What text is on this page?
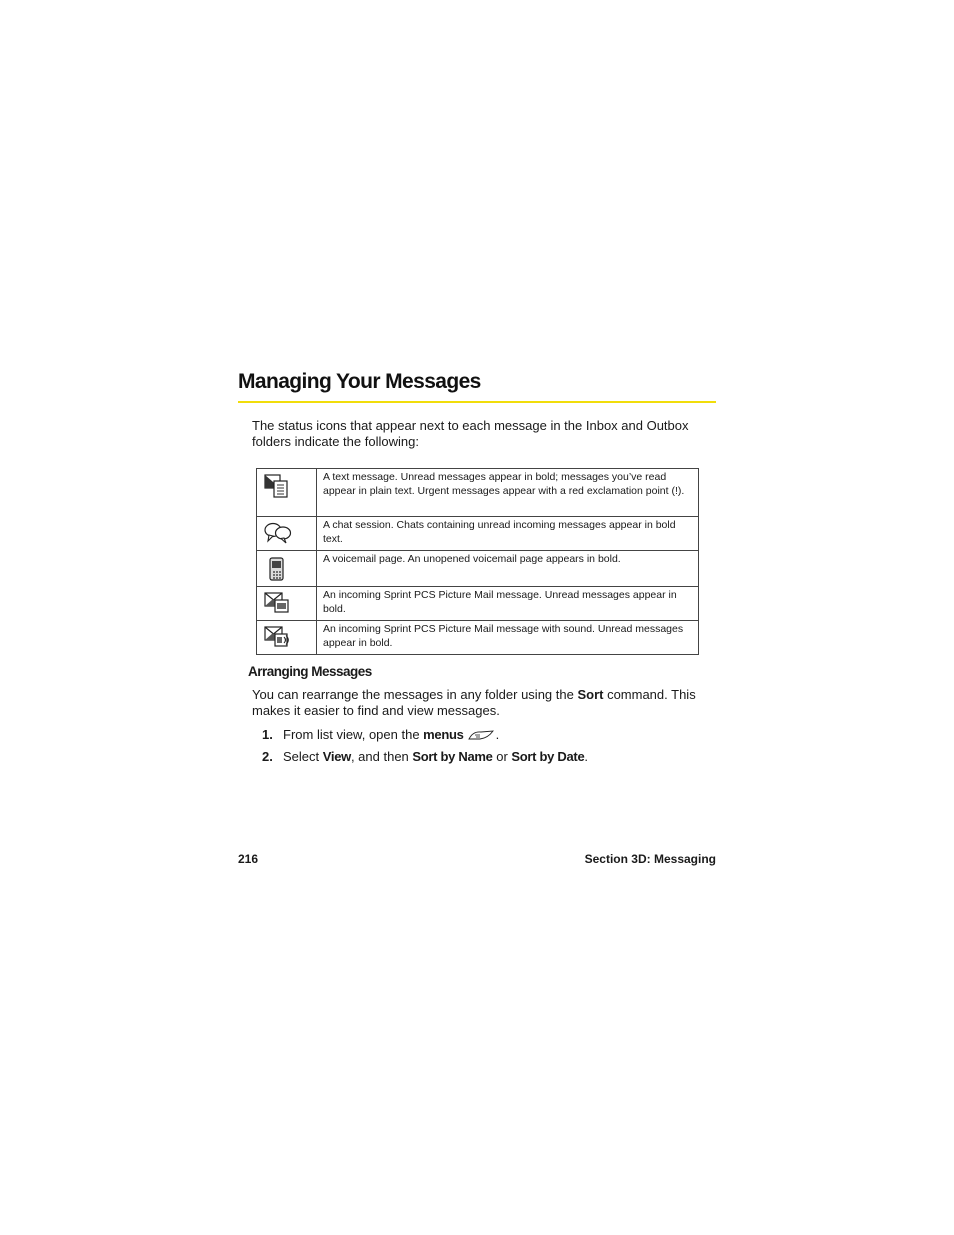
Managing Your Messages

The status icons that appear next to each message in the Inbox and Outbox folders indicate the following:

	A text message. Unread messages appear in bold; messages you’ve read appear in plain text. Urgent messages appear with a red exclamation point (!).

	A chat session. Chats containing unread incoming messages appear in bold text.

	A voicemail page. An unopened voicemail page appears in bold.

	An incoming Sprint PCS Picture Mail message. Unread messages appear in bold.

	An incoming Sprint PCS Picture Mail message with sound. Unread messages appear in bold.
Arranging Messages

You can rearrange the messages in any folder using the Sort command. This makes it easier to find and view messages.

1. From list view, open the menus .
2. Select View, and then Sort by Name or Sort by Date.
216	Section 3D: Messaging
